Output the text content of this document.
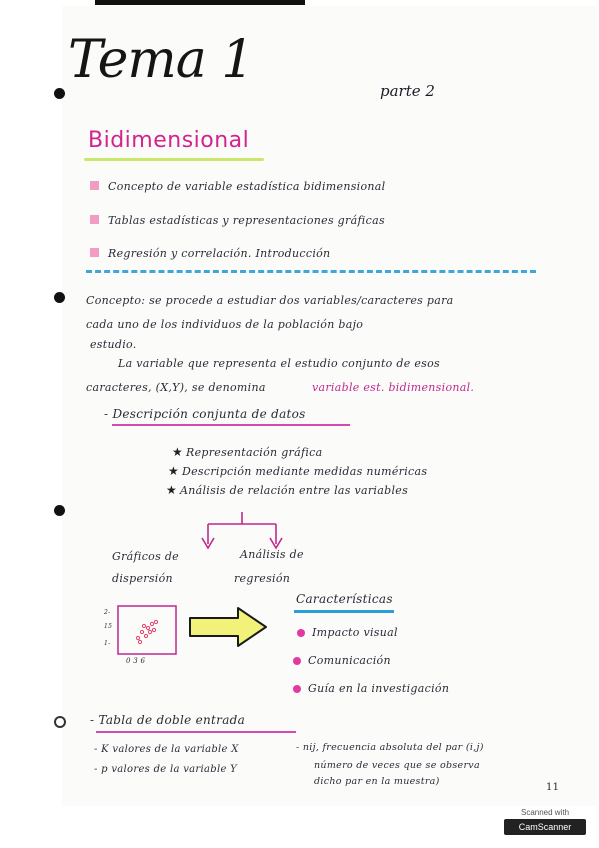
Tema 1
parte 2
Bidimensional
Concepto de variable estadística bidimensional
Tablas estadísticas y representaciones gráficas
Regresión y correlación. Introducción
Concepto: se procede a estudiar dos variables/caracteres para
cada uno de los individuos de la población bajo
estudio.
La variable que representa el estudio conjunto de esos
caracteres, (X,Y), se denomina	variable est. bidimensional.
- Descripción conjunta de datos
★ Representación gráfica
★ Descripción mediante medidas numéricas
★ Análisis de relación entre las variables
Gráficos de
dispersión
Análisis de
regresión
2-
15
1-
0 3 6
Características
Impacto visual
Comunicación
Guía en la investigación
- Tabla de doble entrada
- K valores de la variable X
- p valores de la variable Y
- nij, frecuencia absoluta del par (i,j)
número de veces que se observa
dicho par en la muestra)
11
Scanned with
CamScanner
